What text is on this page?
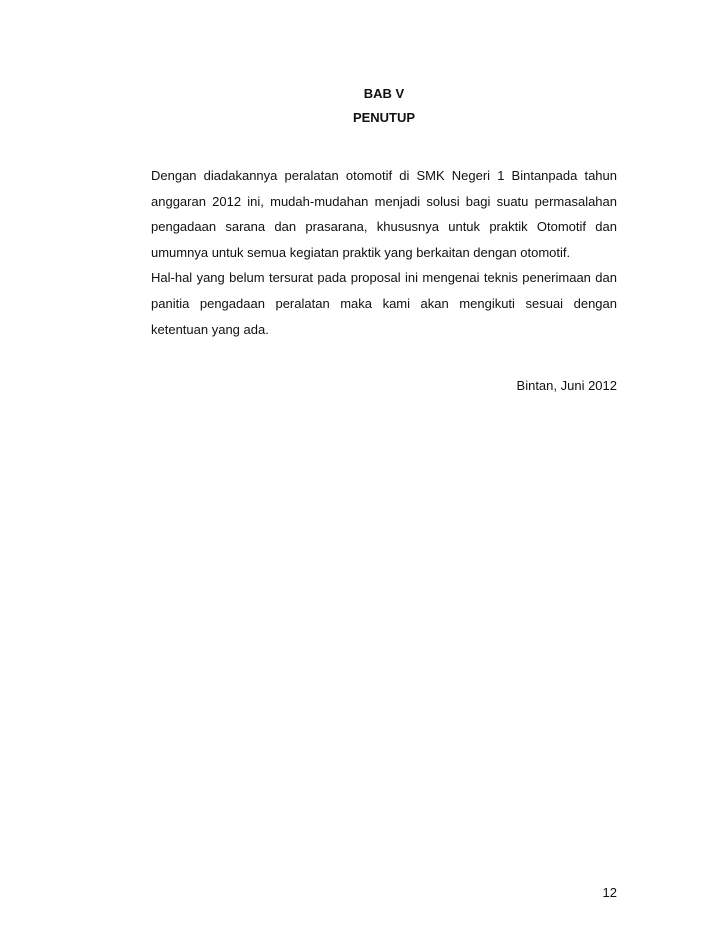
BAB V
PENUTUP

Dengan diadakannya peralatan otomotif di SMK Negeri 1 Bintanpada tahun anggaran 2012 ini, mudah-mudahan menjadi solusi bagi suatu permasalahan pengadaan sarana dan prasarana, khususnya untuk praktik Otomotif dan umumnya untuk semua kegiatan praktik yang berkaitan dengan otomotif.

Hal-hal yang belum tersurat pada proposal ini mengenai teknis penerimaan dan panitia pengadaan peralatan maka kami akan mengikuti sesuai dengan ketentuan yang ada.

Bintan, Juni 2012
12
